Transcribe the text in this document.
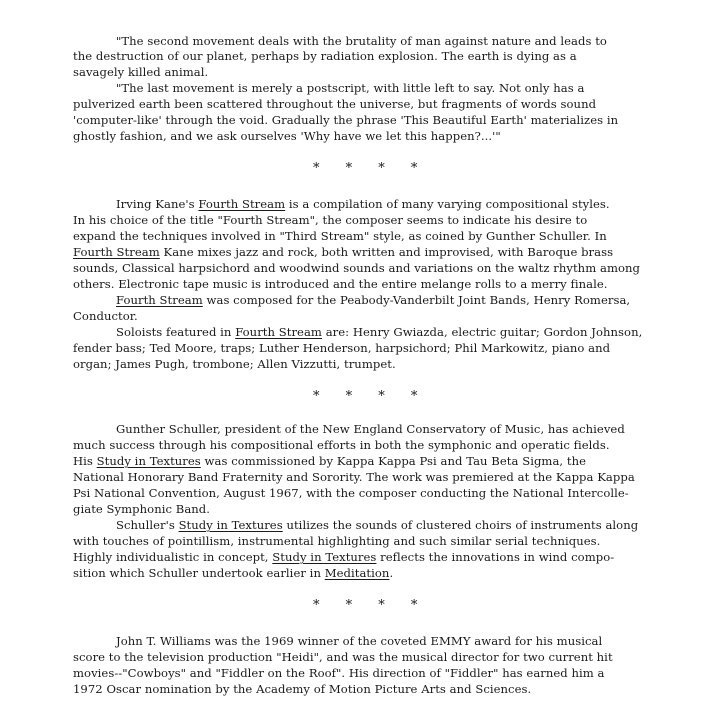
"The second movement deals with the brutality of man against nature and leads to
the destruction of our planet, perhaps by radiation explosion. The earth is dying as a
savagely killed animal.
"The last movement is merely a postscript, with little left to say. Not only has a
pulverized earth been scattered throughout the universe, but fragments of words sound
'computer-like' through the void. Gradually the phrase 'This Beautiful Earth' materializes in
ghostly fashion, and we ask ourselves 'Why have we let this happen?...'"
* * * *
Irving Kane's Fourth Stream is a compilation of many varying compositional styles.
In his choice of the title "Fourth Stream", the composer seems to indicate his desire to
expand the techniques involved in "Third Stream" style, as coined by Gunther Schuller. In
Fourth Stream Kane mixes jazz and rock, both written and improvised, with Baroque brass
sounds, Classical harpsichord and woodwind sounds and variations on the waltz rhythm among
others. Electronic tape music is introduced and the entire melange rolls to a merry finale.
Fourth Stream was composed for the Peabody-Vanderbilt Joint Bands, Henry Romersa,
Conductor.
Soloists featured in Fourth Stream are: Henry Gwiazda, electric guitar; Gordon Johnson,
fender bass; Ted Moore, traps; Luther Henderson, harpsichord; Phil Markowitz, piano and
organ; James Pugh, trombone; Allen Vizzutti, trumpet.
* * * *
Gunther Schuller, president of the New England Conservatory of Music, has achieved
much success through his compositional efforts in both the symphonic and operatic fields.
His Study in Textures was commissioned by Kappa Kappa Psi and Tau Beta Sigma, the
National Honorary Band Fraternity and Sorority. The work was premiered at the Kappa Kappa
Psi National Convention, August 1967, with the composer conducting the National Intercolle-
giate Symphonic Band.
Schuller's Study in Textures utilizes the sounds of clustered choirs of instruments along
with touches of pointillism, instrumental highlighting and such similar serial techniques.
Highly individualistic in concept, Study in Textures reflects the innovations in wind compo-
sition which Schuller undertook earlier in Meditation.
* * * *
John T. Williams was the 1969 winner of the coveted EMMY award for his musical
score to the television production "Heidi", and was the musical director for two current hit
movies--"Cowboys" and "Fiddler on the Roof". His direction of "Fiddler" has earned him a
1972 Oscar nomination by the Academy of Motion Picture Arts and Sciences.
